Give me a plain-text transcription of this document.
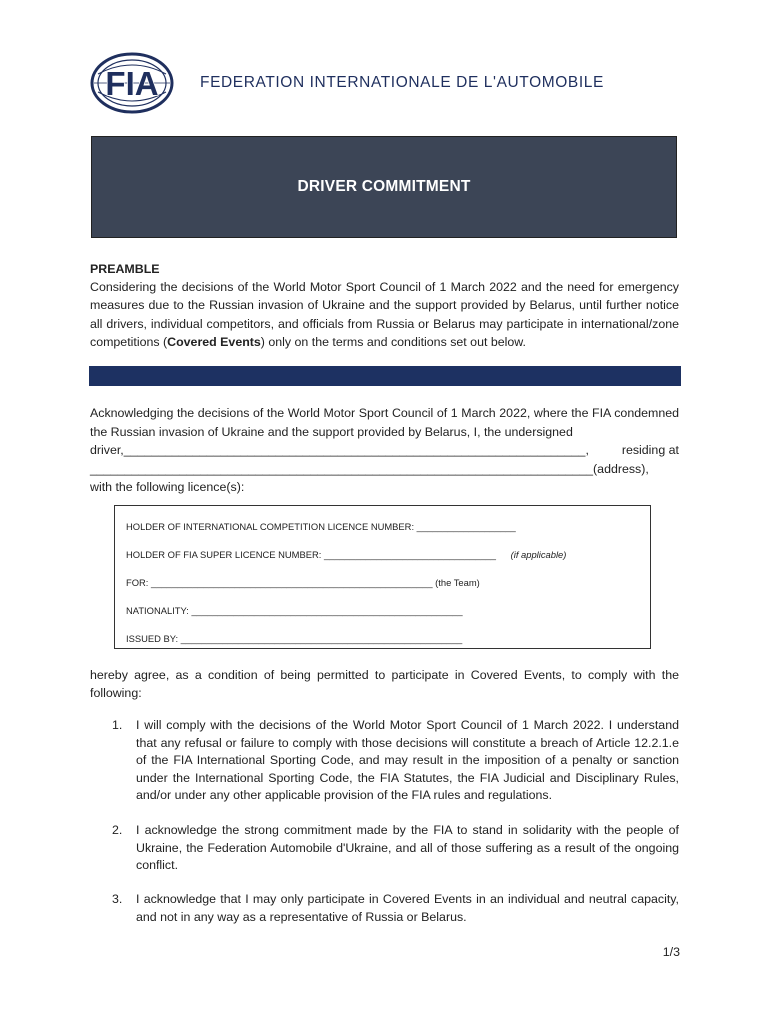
FIA	FEDERATION INTERNATIONALE DE L'AUTOMOBILE
DRIVER COMMITMENT
PREAMBLE
Considering the decisions of the World Motor Sport Council of 1 March 2022 and the need for emergency measures due to the Russian invasion of Ukraine and the support provided by Belarus, until further notice all drivers, individual competitors, and officials from Russia or Belarus may participate in international/zone competitions (Covered Events) only on the terms and conditions set out below.
Acknowledging the decisions of the World Motor Sport Council of 1 March 2022, where the FIA condemned the Russian invasion of Ukraine and the support provided by Belarus, I, the undersigned
driver,___________________________________________________________________,	residing at
_________________________________________________________________________(address),
with the following licence(s):
HOLDER OF INTERNATIONAL COMPETITION LICENCE NUMBER: ___________________
HOLDER OF FIA SUPER LICENCE NUMBER: _________________________________ (if applicable)
FOR: ______________________________________________________ (the Team)
NATIONALITY: ____________________________________________________
ISSUED BY: ______________________________________________________
hereby agree, as a condition of being permitted to participate in Covered Events, to comply with the following:
1. I will comply with the decisions of the World Motor Sport Council of 1 March 2022. I understand that any refusal or failure to comply with those decisions will constitute a breach of Article 12.2.1.e of the FIA International Sporting Code, and may result in the imposition of a penalty or sanction under the International Sporting Code, the FIA Statutes, the FIA Judicial and Disciplinary Rules, and/or under any other applicable provision of the FIA rules and regulations.
2. I acknowledge the strong commitment made by the FIA to stand in solidarity with the people of Ukraine, the Federation Automobile d'Ukraine, and all of those suffering as a result of the ongoing conflict.
3. I acknowledge that I may only participate in Covered Events in an individual and neutral capacity, and not in any way as a representative of Russia or Belarus.
1/3
